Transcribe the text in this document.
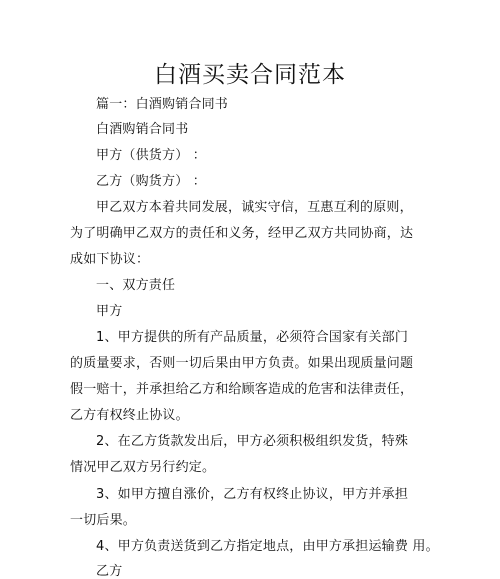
白酒买卖合同范本
篇一：白酒购销合同书
白酒购销合同书
甲方（供货方） ：
乙方（购货方） ：
甲乙双方本着共同发展，诚实守信，互惠互利的原则，
为了明确甲乙双方的责任和义务，经甲乙双方共同协商，达
成如下协议：
一、双方责任
甲方
1、甲方提供的所有产品质量，必须符合国家有关部门
的质量要求，否则一切后果由甲方负责。如果出现质量问题
假一赔十，并承担给乙方和给顾客造成的危害和法律责任，
乙方有权终止协议。
2、在乙方货款发出后，甲方必须积极组织发货，特殊
情况甲乙双方另行约定。
3、如甲方擅自涨价，乙方有权终止协议，甲方并承担
一切后果。
4、甲方负责送货到乙方指定地点，由甲方承担运输费 用。
乙方
